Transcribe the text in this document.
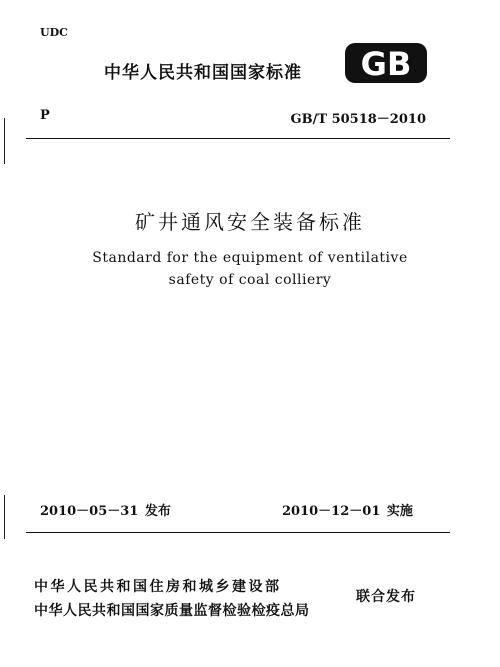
UDC
中华人民共和国国家标准 GB
P	GB/T 50518－2010
矿井通风安全装备标准
Standard for the equipment of ventilative
safety of coal colliery
2010－05－31 发布	2010－12－01 实施
中华人民共和国住房和城乡建设部
中华人民共和国国家质量监督检验检疫总局
联合发布
